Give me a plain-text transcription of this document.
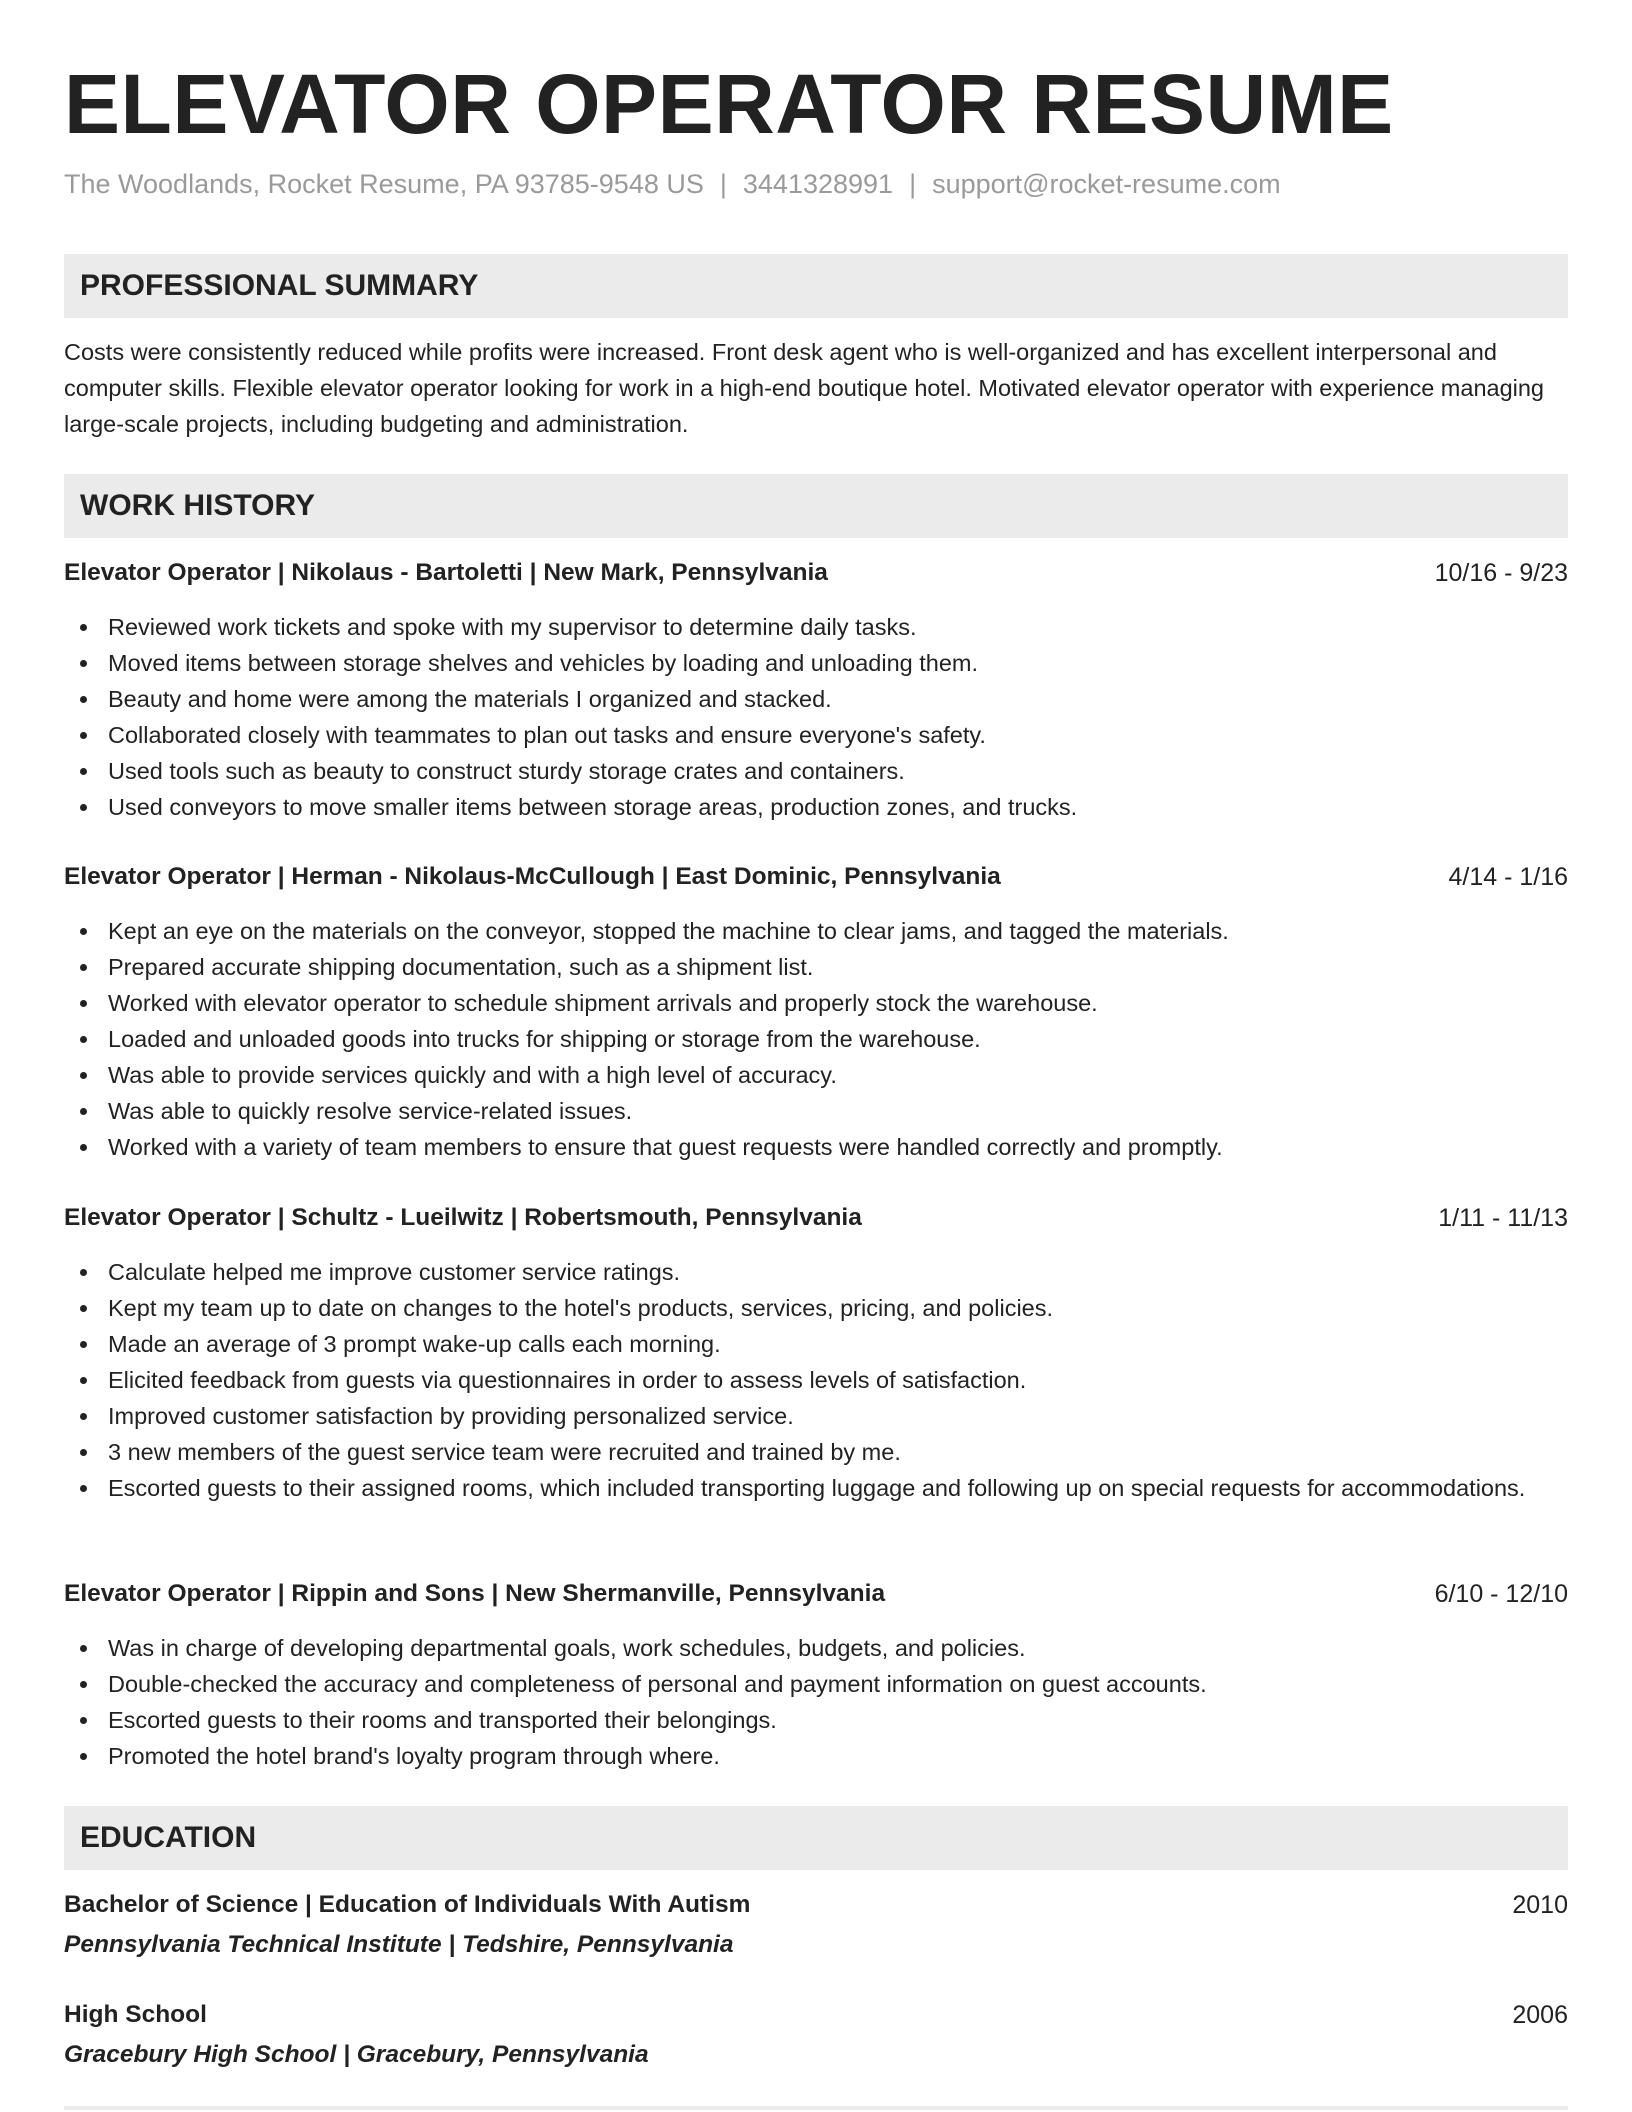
ELEVATOR OPERATOR RESUME
The Woodlands, Rocket Resume, PA 93785-9548 US | 3441328991 | support@rocket-resume.com
PROFESSIONAL SUMMARY

Costs were consistently reduced while profits were increased. Front desk agent who is well-organized and has excellent interpersonal and computer skills. Flexible elevator operator looking for work in a high-end boutique hotel. Motivated elevator operator with experience managing large-scale projects, including budgeting and administration.

WORK HISTORY
Elevator Operator | Nikolaus - Bartoletti | New Mark, Pennsylvania	10/16 - 9/23
Reviewed work tickets and spoke with my supervisor to determine daily tasks.
Moved items between storage shelves and vehicles by loading and unloading them.
Beauty and home were among the materials I organized and stacked.
Collaborated closely with teammates to plan out tasks and ensure everyone's safety.
Used tools such as beauty to construct sturdy storage crates and containers.
Used conveyors to move smaller items between storage areas, production zones, and trucks.
Elevator Operator | Herman - Nikolaus-McCullough | East Dominic, Pennsylvania	4/14 - 1/16
Kept an eye on the materials on the conveyor, stopped the machine to clear jams, and tagged the materials.
Prepared accurate shipping documentation, such as a shipment list.
Worked with elevator operator to schedule shipment arrivals and properly stock the warehouse.
Loaded and unloaded goods into trucks for shipping or storage from the warehouse.
Was able to provide services quickly and with a high level of accuracy.
Was able to quickly resolve service-related issues.
Worked with a variety of team members to ensure that guest requests were handled correctly and promptly.
Elevator Operator | Schultz - Lueilwitz | Robertsmouth, Pennsylvania	1/11 - 11/13
Calculate helped me improve customer service ratings.
Kept my team up to date on changes to the hotel's products, services, pricing, and policies.
Made an average of 3 prompt wake-up calls each morning.
Elicited feedback from guests via questionnaires in order to assess levels of satisfaction.
Improved customer satisfaction by providing personalized service.
3 new members of the guest service team were recruited and trained by me.
Escorted guests to their assigned rooms, which included transporting luggage and following up on special requests for accommodations.
Elevator Operator | Rippin and Sons | New Shermanville, Pennsylvania	6/10 - 12/10
Was in charge of developing departmental goals, work schedules, budgets, and policies.
Double-checked the accuracy and completeness of personal and payment information on guest accounts.
Escorted guests to their rooms and transported their belongings.
Promoted the hotel brand's loyalty program through where.
EDUCATION
Bachelor of Science | Education of Individuals With Autism	2010
Pennsylvania Technical Institute | Tedshire, Pennsylvania
High School	2006
Gracebury High School | Gracebury, Pennsylvania
